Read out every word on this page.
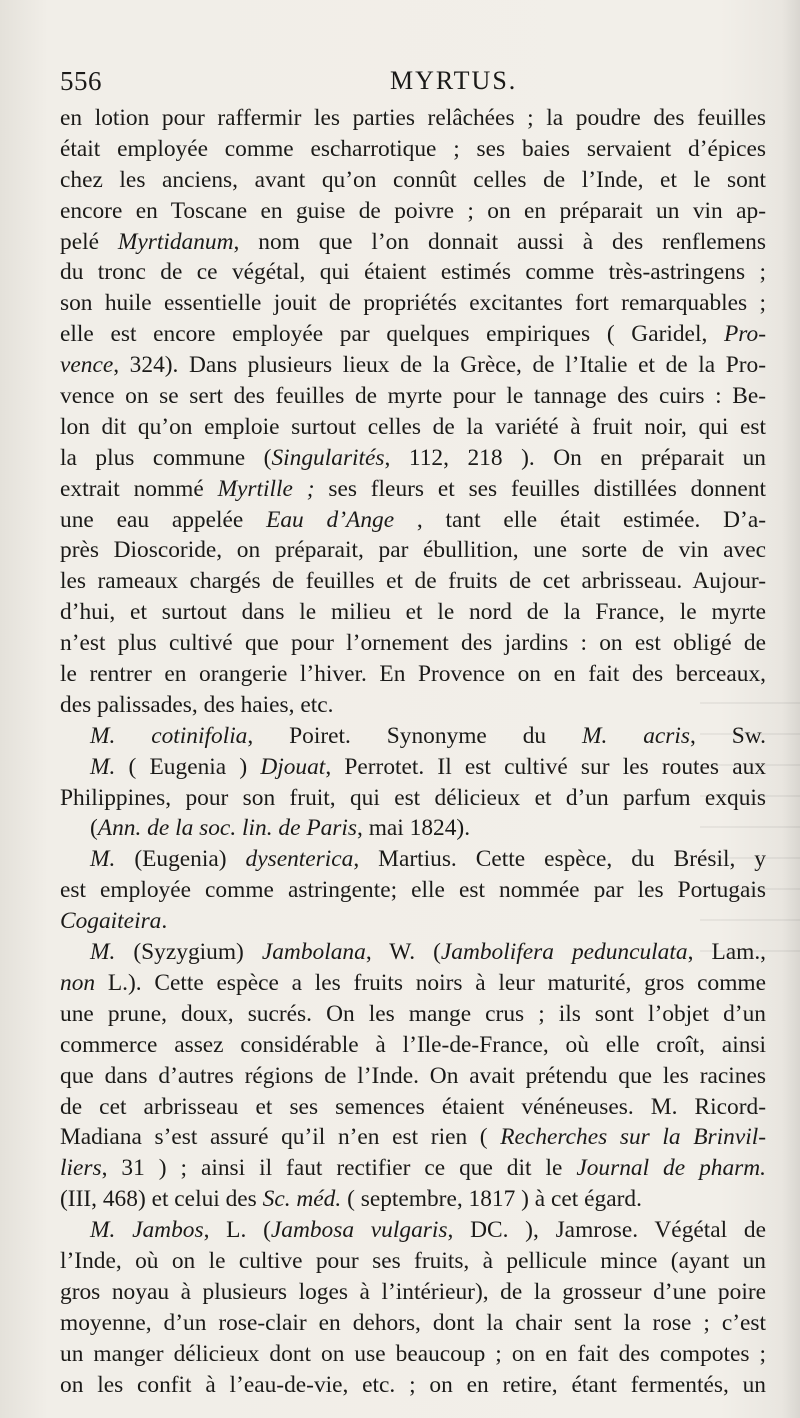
556	MYRTUS.
en lotion pour raffermir les parties relâchées ; la poudre des feuilles
était employée comme escharrotique ; ses baies servaient d’épices
chez les anciens, avant qu’on connût celles de l’Inde, et le sont
encore en Toscane en guise de poivre ; on en préparait un vin ap-
pelé Myrtidanum, nom que l’on donnait aussi à des renflemens
du tronc de ce végétal, qui étaient estimés comme très-astringens ;
son huile essentielle jouit de propriétés excitantes fort remarquables ;
elle est encore employée par quelques empiriques ( Garidel, Pro-
vence, 324). Dans plusieurs lieux de la Grèce, de l’Italie et de la Pro-
vence on se sert des feuilles de myrte pour le tannage des cuirs : Be-
lon dit qu’on emploie surtout celles de la variété à fruit noir, qui est
la plus commune (Singularités, 112, 218 ). On en préparait un
extrait nommé Myrtille ; ses fleurs et ses feuilles distillées donnent
une eau appelée Eau d’Ange , tant elle était estimée. D’a-
près Dioscoride, on préparait, par ébullition, une sorte de vin avec
les rameaux chargés de feuilles et de fruits de cet arbrisseau. Aujour-
d’hui, et surtout dans le milieu et le nord de la France, le myrte
n’est plus cultivé que pour l’ornement des jardins : on est obligé de
le rentrer en orangerie l’hiver. En Provence on en fait des berceaux,
des palissades, des haies, etc.
M. cotinifolia, Poiret. Synonyme du M. acris, Sw.
M. ( Eugenia ) Djouat, Perrotet. Il est cultivé sur les routes aux
Philippines, pour son fruit, qui est délicieux et d’un parfum exquis
(Ann. de la soc. lin. de Paris, mai 1824).
M. (Eugenia) dysenterica, Martius. Cette espèce, du Brésil, y
est employée comme astringente; elle est nommée par les Portugais
Cogaiteira.
M. (Syzygium) Jambolana, W. (Jambolifera pedunculata, Lam.,
non L.). Cette espèce a les fruits noirs à leur maturité, gros comme
une prune, doux, sucrés. On les mange crus ; ils sont l’objet d’un
commerce assez considérable à l’Ile-de-France, où elle croît, ainsi
que dans d’autres régions de l’Inde. On avait prétendu que les racines
de cet arbrisseau et ses semences étaient vénéneuses. M. Ricord-
Madiana s’est assuré qu’il n’en est rien ( Recherches sur la Brinvil-
liers, 31 ) ; ainsi il faut rectifier ce que dit le Journal de pharm.
(III, 468) et celui des Sc. méd. ( septembre, 1817 ) à cet égard.
M. Jambos, L. (Jambosa vulgaris, DC. ), Jamrose. Végétal de
l’Inde, où on le cultive pour ses fruits, à pellicule mince (ayant un
gros noyau à plusieurs loges à l’intérieur), de la grosseur d’une poire
moyenne, d’un rose-clair en dehors, dont la chair sent la rose ; c’est
un manger délicieux dont on use beaucoup ; on en fait des compotes ;
on les confit à l’eau-de-vie, etc. ; on en retire, étant fermentés, un
